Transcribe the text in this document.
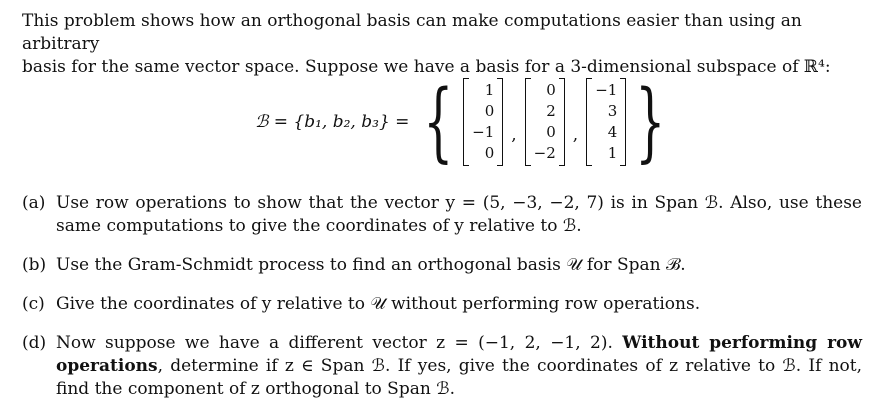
This problem shows how an orthogonal basis can make computations easier than using an arbitrary
basis for the same vector space. Suppose we have a basis for a 3-dimensional subspace of ℝ⁴:
ℬ = {b₁, b₂, b₃} = {	1
0
−1
0
,
0
2
0
−2
,
−1
3
4
1 }
(a) Use row operations to show that the vector y = (5, −3, −2, 7) is in Span ℬ. Also, use these same computations to give the coordinates of y relative to ℬ.
(b) Use the Gram-Schmidt process to find an orthogonal basis 𝒰 for Span ℬ.
(c) Give the coordinates of y relative to 𝒰 without performing row operations.
(d) Now suppose we have a different vector z = (−1, 2, −1, 2). Without performing row operations, determine if z ∈ Span ℬ. If yes, give the coordinates of z relative to ℬ. If not, find the component of z orthogonal to Span ℬ.
